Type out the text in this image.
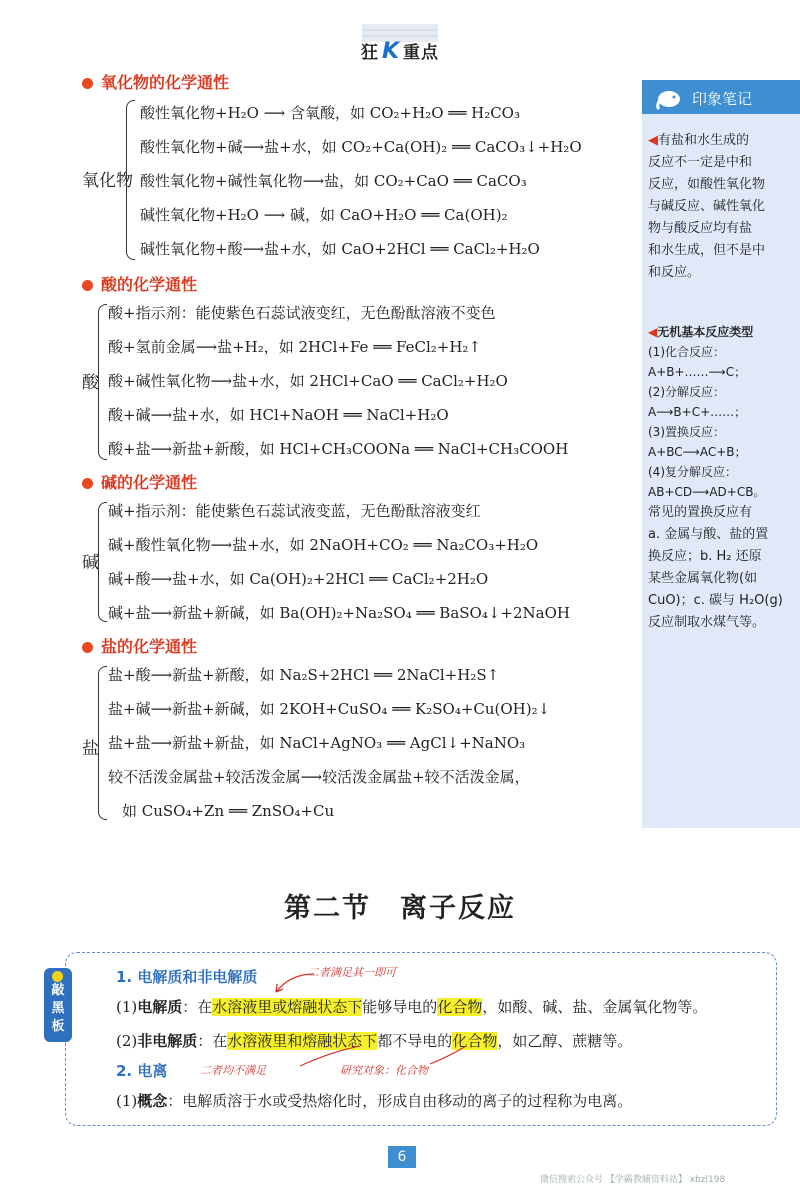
狂 K 重点
氧化物的化学通性
氧化物
酸性氧化物+H₂O ⟶ 含氧酸，如 CO₂+H₂O ══ H₂CO₃
酸性氧化物+碱⟶盐+水，如 CO₂+Ca(OH)₂ ══ CaCO₃↓+H₂O
酸性氧化物+碱性氧化物⟶盐，如 CO₂+CaO ══ CaCO₃
碱性氧化物+H₂O ⟶ 碱，如 CaO+H₂O ══ Ca(OH)₂
碱性氧化物+酸⟶盐+水，如 CaO+2HCl ══ CaCl₂+H₂O
酸的化学通性
酸
酸+指示剂：能使紫色石蕊试液变红，无色酚酞溶液不变色
酸+氢前金属⟶盐+H₂，如 2HCl+Fe ══ FeCl₂+H₂↑
酸+碱性氧化物⟶盐+水，如 2HCl+CaO ══ CaCl₂+H₂O
酸+碱⟶盐+水，如 HCl+NaOH ══ NaCl+H₂O
酸+盐⟶新盐+新酸，如 HCl+CH₃COONa ══ NaCl+CH₃COOH
碱的化学通性
碱
碱+指示剂：能使紫色石蕊试液变蓝，无色酚酞溶液变红
碱+酸性氧化物⟶盐+水，如 2NaOH+CO₂ ══ Na₂CO₃+H₂O
碱+酸⟶盐+水，如 Ca(OH)₂+2HCl ══ CaCl₂+2H₂O
碱+盐⟶新盐+新碱，如 Ba(OH)₂+Na₂SO₄ ══ BaSO₄↓+2NaOH
盐的化学通性
盐
盐+酸⟶新盐+新酸，如 Na₂S+2HCl ══ 2NaCl+H₂S↑
盐+碱⟶新盐+新碱，如 2KOH+CuSO₄ ══ K₂SO₄+Cu(OH)₂↓
盐+盐⟶新盐+新盐，如 NaCl+AgNO₃ ══ AgCl↓+NaNO₃
较不活泼金属盐+较活泼金属⟶较活泼金属盐+较不活泼金属，
如 CuSO₄+Zn ══ ZnSO₄+Cu
印象笔记
◀有盐和水生成的
反应不一定是中和
反应，如酸性氧化物
与碱反应、碱性氧化
物与酸反应均有盐
和水生成，但不是中
和反应。
◀无机基本反应类型
(1)化合反应：
A+B+……⟶C；
(2)分解反应：
A⟶B+C+……；
(3)置换反应：
A+BC⟶AC+B；
(4)复分解反应：
AB+CD⟶AD+CB。
常见的置换反应有
a. 金属与酸、盐的置
换反应；b. H₂ 还原
某些金属氧化物(如
CuO)；c. 碳与 H₂O(g)
反应制取水煤气等。
第二节　离子反应
敲
黑
板
1. 电解质和非电解质	二者满足其一即可
(1)电解质：在水溶液里或熔融状态下能够导电的化合物，如酸、碱、盐、金属氧化物等。
(2)非电解质：在水溶液里和熔融状态下都不导电的化合物，如乙醇、蔗糖等。
2. 电离	二者均不满足	研究对象：化合物
(1)概念：电解质溶于水或受热熔化时，形成自由移动的离子的过程称为电离。
6
微信搜索公众号 【学霸教辅资料站】 xbzl198
